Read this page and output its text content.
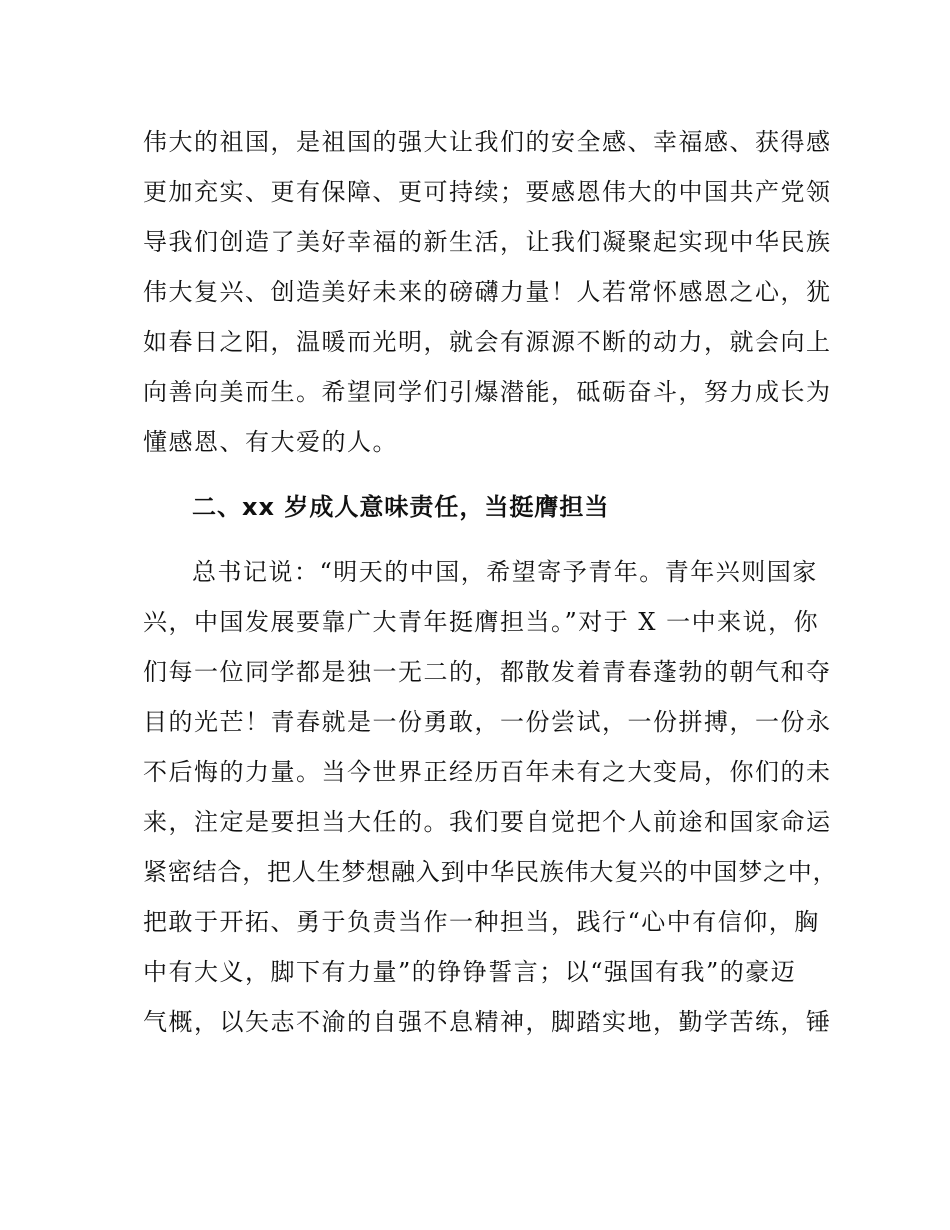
伟大的祖国，是祖国的强大让我们的安全感、幸福感、获得感
更加充实、更有保障、更可持续；要感恩伟大的中国共产党领
导我们创造了美好幸福的新生活，让我们凝聚起实现中华民族
伟大复兴、创造美好未来的磅礴力量！人若常怀感恩之心，犹
如春日之阳，温暖而光明，就会有源源不断的动力，就会向上
向善向美而生。希望同学们引爆潜能，砥砺奋斗，努力成长为
懂感恩、有大爱的人。
二、xx 岁成人意味责任，当挺膺担当
总书记说：“明天的中国，希望寄予青年。青年兴则国家
兴，中国发展要靠广大青年挺膺担当。”对于 X 一中来说，你
们每一位同学都是独一无二的，都散发着青春蓬勃的朝气和夺
目的光芒！青春就是一份勇敢，一份尝试，一份拼搏，一份永
不后悔的力量。当今世界正经历百年未有之大变局，你们的未
来，注定是要担当大任的。我们要自觉把个人前途和国家命运
紧密结合，把人生梦想融入到中华民族伟大复兴的中国梦之中，
把敢于开拓、勇于负责当作一种担当，践行“心中有信仰，胸
中有大义，脚下有力量”的铮铮誓言；以“强国有我”的豪迈
气概，以矢志不渝的自强不息精神，脚踏实地，勤学苦练，锤
